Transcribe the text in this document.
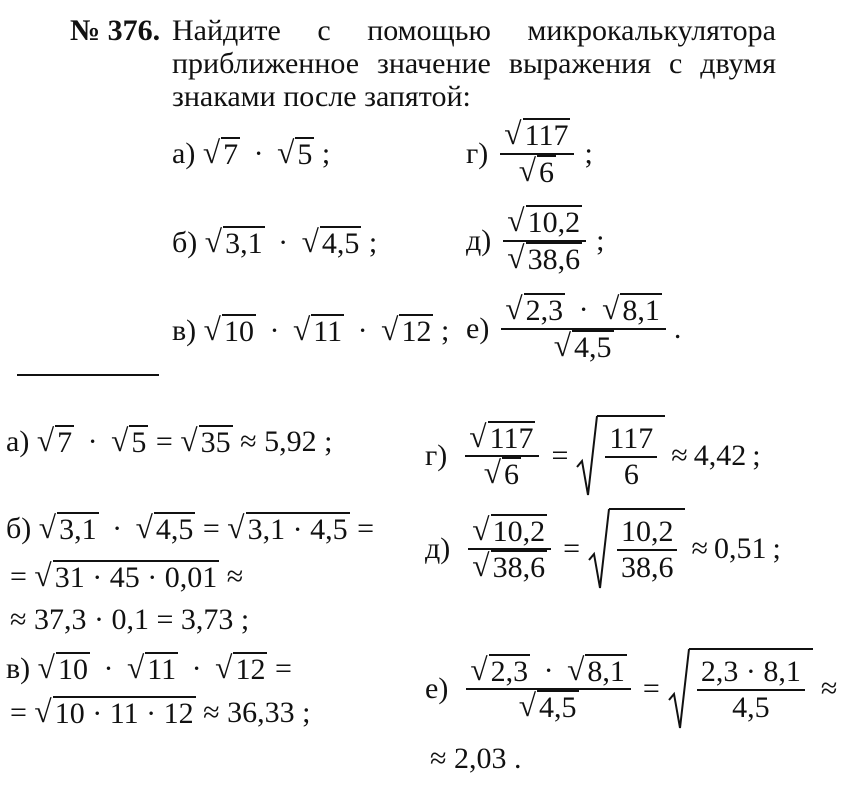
№ 376. Найдите с помощью микрокалькулятора
приближенное значение выражения с двумя
знаками после запятой:
а) √ 7 · √ 5 ;
б) √ 3,1 · √ 4,5 ;
в) √ 10 · √ 11 · √ 12 ;
$г) \frac{√ 117}{√ 6}$ ;
$д) \frac{√ 10,2}{√ 38,6}$ ;
$е) \frac{√ 2,3 \cdot √ 8,1}{√ 4,5}$ .
а) √ 7 · √ 5 = √ 35 ≈ 5,92 ;
б) √ 3,1 · √ 4,5 = √ 3,1 · 4,5 =
= √ 31 · 45 · 0,01 ≈
≈ 37,3 · 0,1 = 3,73 ;
в) √ 10 · √ 11 · √ 12 =
= √ 10 · 11 · 12 ≈ 36,33 ;
$г) \frac{√ 117}{√ 6} = \frac{117}{6} \approx 4,42$ ;
$д) \frac{√ 10,2}{√ 38,6} = \frac{10,2}{38,6} \approx 0,51$ ;
$е) \frac{√ 2,3 \cdot √ 8,1}{√ 4,5} = \frac{2,3 \cdot 8,1}{4,5}$ ≈
≈ 2,03 .
